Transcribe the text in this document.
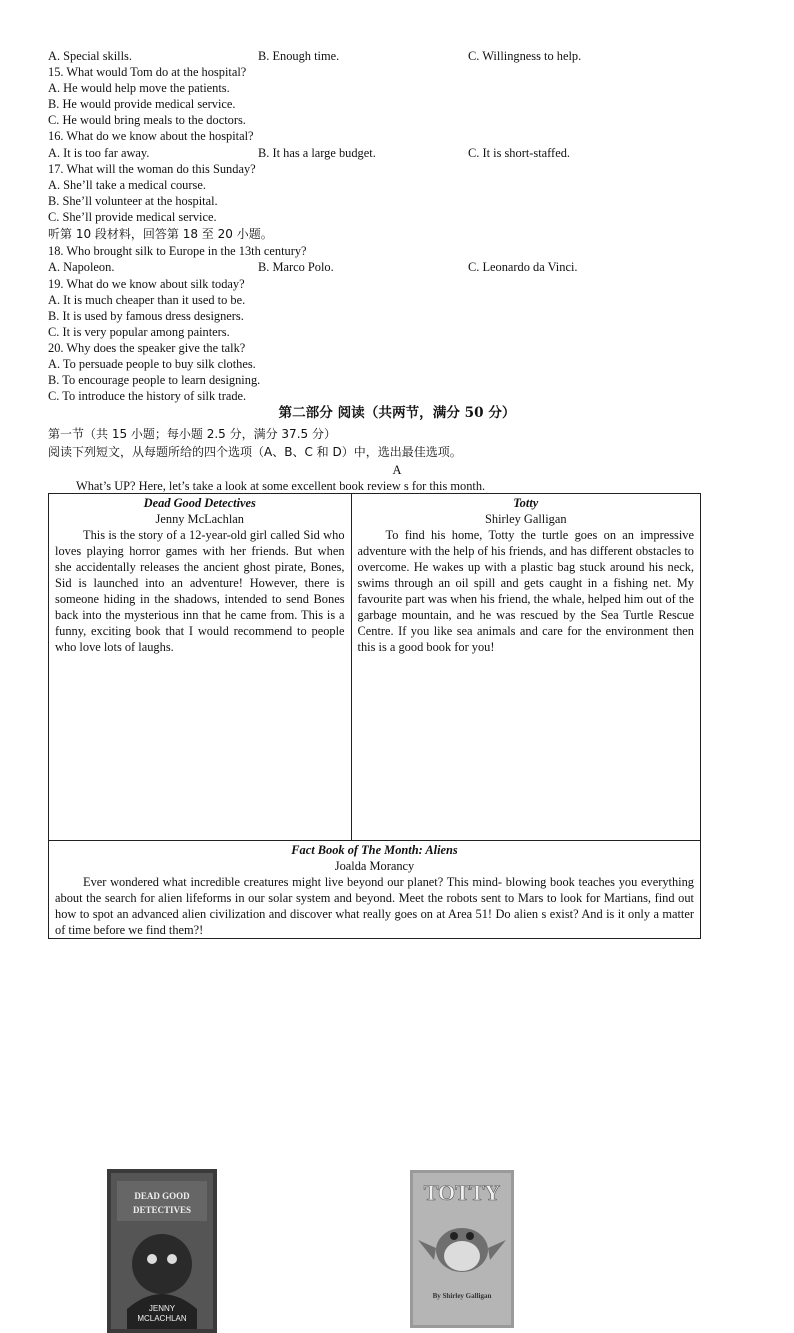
A. Special skills.	B. Enough time.	C. Willingness to help.
15. What would Tom do at the hospital?
A. He would help move the patients.
B. He would provide medical service.
C. He would bring meals to the doctors.
16. What do we know about the hospital?
A. It is too far away.	B. It has a large budget.	C. It is short-staffed.
17. What will the woman do this Sunday?
A. She’ll take a medical course.
B. She’ll volunteer at the hospital.
C. She’ll provide medical service.
听第 10 段材料，回答第 18 至 20 小题。
18. Who brought silk to Europe in the 13th century?
A. Napoleon.	B. Marco Polo.	C. Leonardo da Vinci.
19. What do we know about silk today?
A. It is much cheaper than it used to be.
B. It is used by famous dress designers.
C. It is very popular among painters.
20. Why does the speaker give the talk?
A. To persuade people to buy silk clothes.
B. To encourage people to learn designing.
C. To introduce the history of silk trade.
第二部分 阅读（共两节，满分 50 分）
第一节（共 15 小题；每小题 2.5 分，满分 37.5 分）
阅读下列短文，从每题所给的四个选项（A、B、C 和 D）中，选出最佳选项。
A
What’s UP? Here, let’s take a look at some excellent book review s for this month.
Dead Good Detectives
Jenny McLachlan
This is the story of a 12-year-old girl called Sid who loves playing horror games with her friends. But when she accidentally releases the ancient ghost pirate, Bones, Sid is launched into an adventure! However, there is someone hiding in the shadows, intended to send Bones back into the mysterious inn that he came from. This is a funny, exciting book that I would recommend to people who love lots of laughs.
DEAD GOOD
DETECTIVES
JENNY
MCLACHLAN

Totty
Shirley Galligan
To find his home, Totty the turtle goes on an impressive adventure with the help of his friends, and has different obstacles to overcome. He wakes up with a plastic bag stuck around his neck, swims through an oil spill and gets caught in a fishing net. My favourite part was when his friend, the whale, helped him out of the garbage mountain, and he was rescued by the Sea Turtle Rescue Centre. If you like sea animals and care for the environment then this is a good book for you!
TOTTY
By Shirley Galligan

Fact Book of The Month: Aliens
Joalda Morancy
Ever wondered what incredible creatures might live beyond our planet? This mind- blowing book teaches you everything about the search for alien lifeforms in our solar system and beyond. Meet the robots sent to Mars to look for Martians, find out how to spot an advanced alien civilization and discover what really goes on at Area 51! Do alien s exist? And is it only a matter of time before we find them?!
